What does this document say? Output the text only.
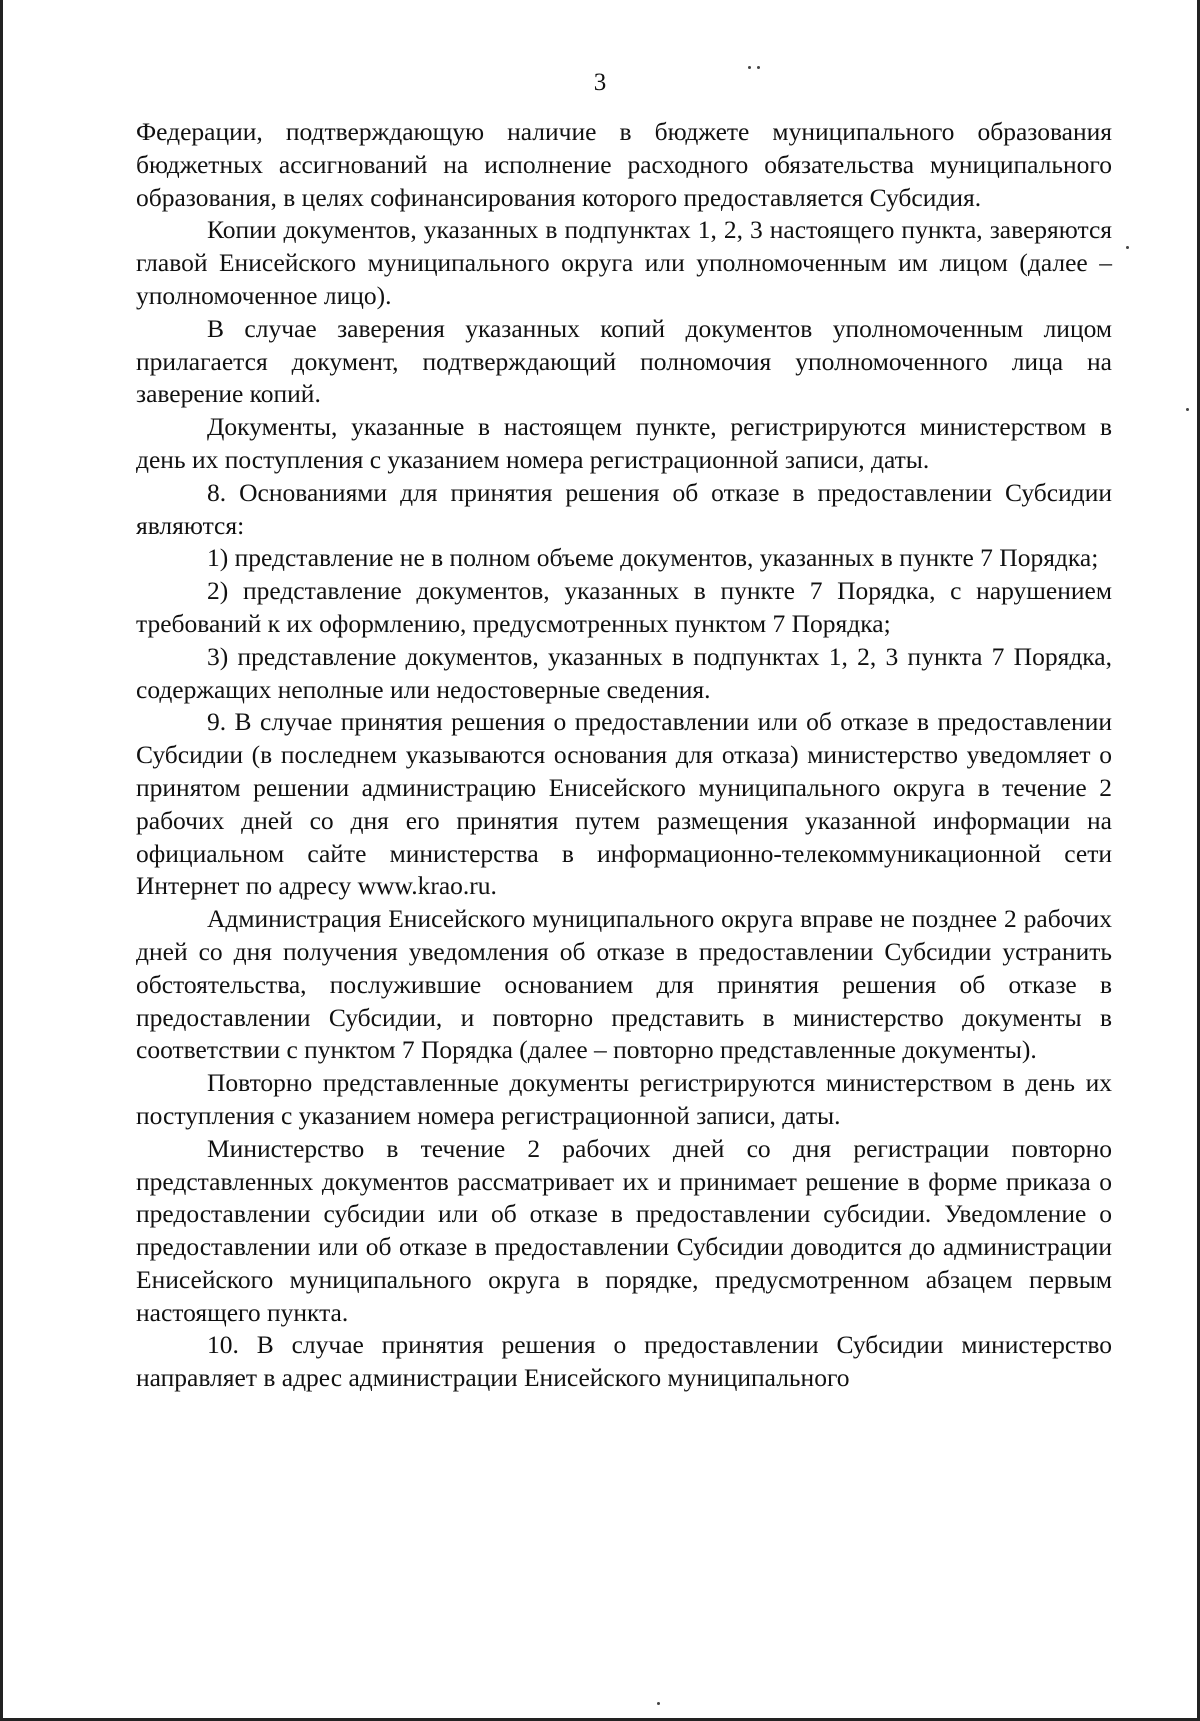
3

Федерации, подтверждающую наличие в бюджете муниципального образования бюджетных ассигнований на исполнение расходного обязательства муниципального образования, в целях софинансирования которого предоставляется Субсидия.

Копии документов, указанных в подпунктах 1, 2, 3 настоящего пункта, заверяются главой Енисейского муниципального округа или уполномоченным им лицом (далее – уполномоченное лицо).

В случае заверения указанных копий документов уполномоченным лицом прилагается документ, подтверждающий полномочия уполномоченного лица на заверение копий.

Документы, указанные в настоящем пункте, регистрируются министерством в день их поступления с указанием номера регистрационной записи, даты.

8. Основаниями для принятия решения об отказе в предоставлении Субсидии являются:

1) представление не в полном объеме документов, указанных в пункте 7 Порядка;

2) представление документов, указанных в пункте 7 Порядка, с нарушением требований к их оформлению, предусмотренных пунктом 7 Порядка;

3) представление документов, указанных в подпунктах 1, 2, 3 пункта 7 Порядка, содержащих неполные или недостоверные сведения.

9. В случае принятия решения о предоставлении или об отказе в предоставлении Субсидии (в последнем указываются основания для отказа) министерство уведомляет о принятом решении администрацию Енисейского муниципального округа в течение 2 рабочих дней со дня его принятия путем размещения указанной информации на официальном сайте министерства в информационно-телекоммуникационной сети Интернет по адресу www.krao.ru.

Администрация Енисейского муниципального округа вправе не позднее 2 рабочих дней со дня получения уведомления об отказе в предоставлении Субсидии устранить обстоятельства, послужившие основанием для принятия решения об отказе в предоставлении Субсидии, и повторно представить в министерство документы в соответствии с пунктом 7 Порядка (далее – повторно представленные документы).

Повторно представленные документы регистрируются министерством в день их поступления с указанием номера регистрационной записи, даты.

Министерство в течение 2 рабочих дней со дня регистрации повторно представленных документов рассматривает их и принимает решение в форме приказа о предоставлении субсидии или об отказе в предоставлении субсидии. Уведомление о предоставлении или об отказе в предоставлении Субсидии доводится до администрации Енисейского муниципального округа в порядке, предусмотренном абзацем первым настоящего пункта.

10. В случае принятия решения о предоставлении Субсидии министерство направляет в адрес администрации Енисейского муниципального
